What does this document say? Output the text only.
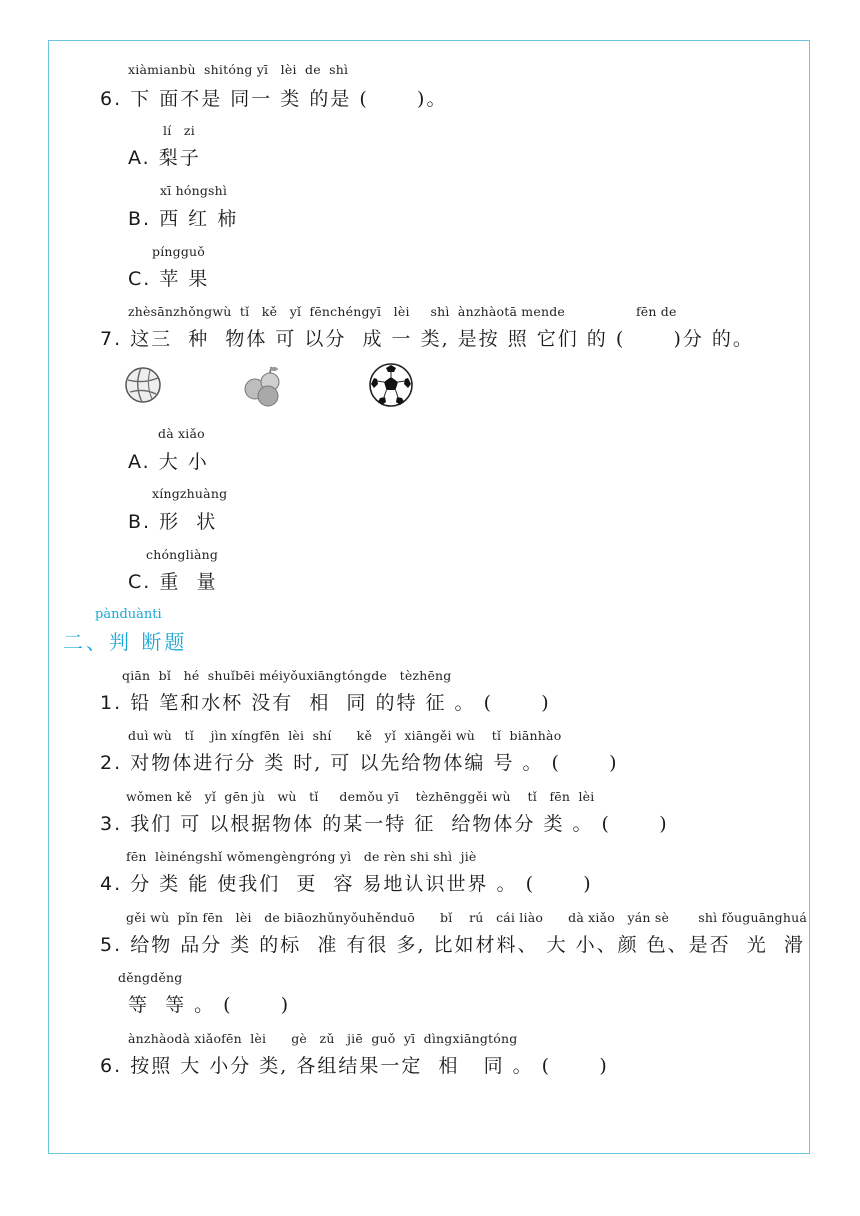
xiàmianbù  shitóng yī   lèi  de  shì
6. 下 面不是 同一 类 的是 (      )。
lí   zi
A. 梨子
xī hóngshì
B. 西 红 柿
píngguǒ
C. 苹 果
zhèsānzhǒngwù  tǐ   kě   yǐ  fēnchéngyī   lèi     shì  ànzhàotā mende                 fēn de
7. 这三  种  物体 可 以分  成 一 类, 是按 照 它们 的 (      )分 的。
dà xiǎo
A. 大 小
xíngzhuàng
B. 形  状
chóngliàng
C. 重  量
pànduànti
二、判 断题
qiān  bǐ   hé  shuǐbēi méiyǒuxiāngtóngde   tèzhēng
1. 铅 笔和水杯 没有  相  同 的特 征 。 (      )
duì wù   tǐ    jìn xíngfēn  lèi  shí      kě   yǐ  xiāngěi wù    tǐ  biānhào
2. 对物体进行分 类 时, 可 以先给物体编 号 。 (      )
wǒmen kě   yǐ  gēn jù   wù   tǐ     demǒu yī    tèzhēnggěi wù    tǐ   fēn  lèi
3. 我们 可 以根据物体 的某一特 征  给物体分 类 。 (      )
fēn  lèinéngshǐ wǒmengèngróng yì   de rèn shi shì  jiè
4. 分 类 能 使我们  更  容 易地认识世界 。 (      )
gěi wù  pǐn fēn   lèi   de biāozhǔnyǒuhěnduō      bǐ    rú   cái liào      dà xiǎo   yán sè       shì fǒuguānghuá
5. 给物 品分 类 的标  准 有很 多, 比如材料、 大 小、颜 色、是否  光  滑
děngděng
等  等 。 (      )
ànzhàodà xiǎofēn  lèi      gè   zǔ   jiē  guǒ  yī  dìngxiāngtóng
6. 按照 大 小分 类, 各组结果一定  相   同 。 (      )
